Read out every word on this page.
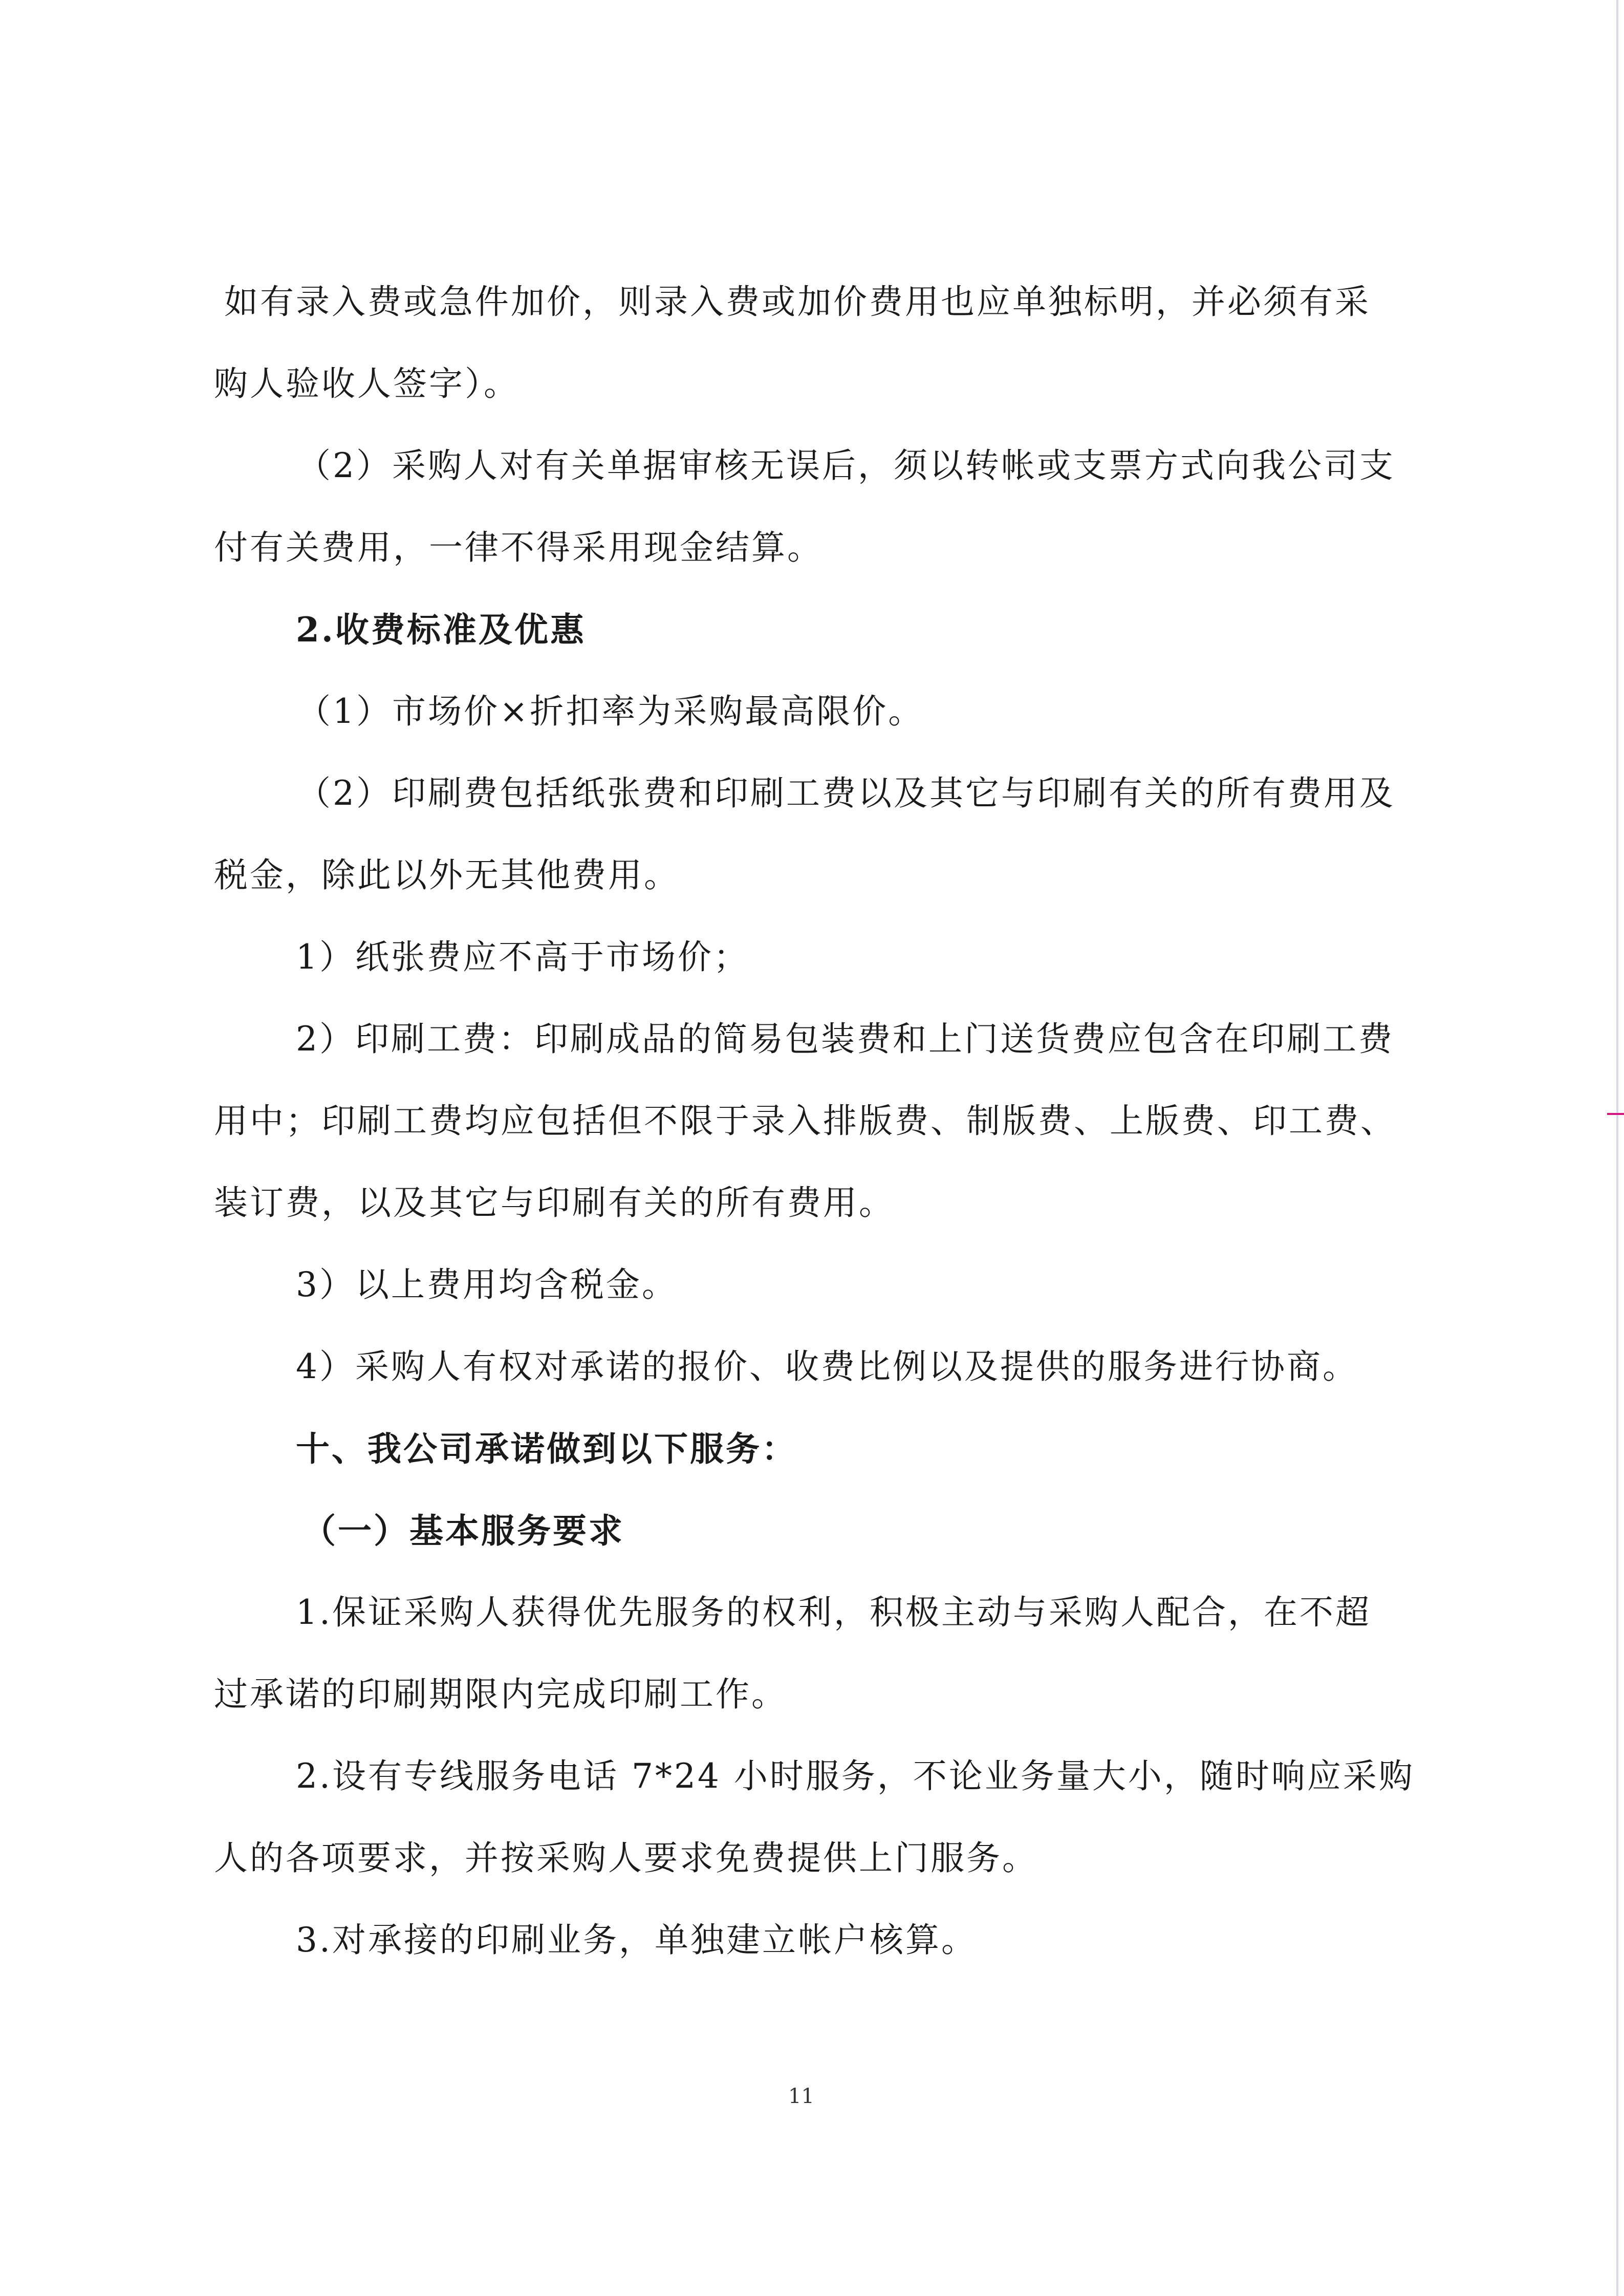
如有录入费或急件加价，则录入费或加价费用也应单独标明，并必须有采
购人验收人签字）。
（2）采购人对有关单据审核无误后，须以转帐或支票方式向我公司支
付有关费用，一律不得采用现金结算。
2.收费标准及优惠
（1）市场价×折扣率为采购最高限价。
（2）印刷费包括纸张费和印刷工费以及其它与印刷有关的所有费用及
税金，除此以外无其他费用。
1）纸张费应不高于市场价；
2）印刷工费：印刷成品的简易包装费和上门送货费应包含在印刷工费
用中；印刷工费均应包括但不限于录入排版费、制版费、上版费、印工费、
装订费，以及其它与印刷有关的所有费用。
3）以上费用均含税金。
4）采购人有权对承诺的报价、收费比例以及提供的服务进行协商。
十、我公司承诺做到以下服务：
（一）基本服务要求
1.保证采购人获得优先服务的权利，积极主动与采购人配合，在不超
过承诺的印刷期限内完成印刷工作。
2.设有专线服务电话 7*24 小时服务，不论业务量大小，随时响应采购
人的各项要求，并按采购人要求免费提供上门服务。
3.对承接的印刷业务，单独建立帐户核算。
11
